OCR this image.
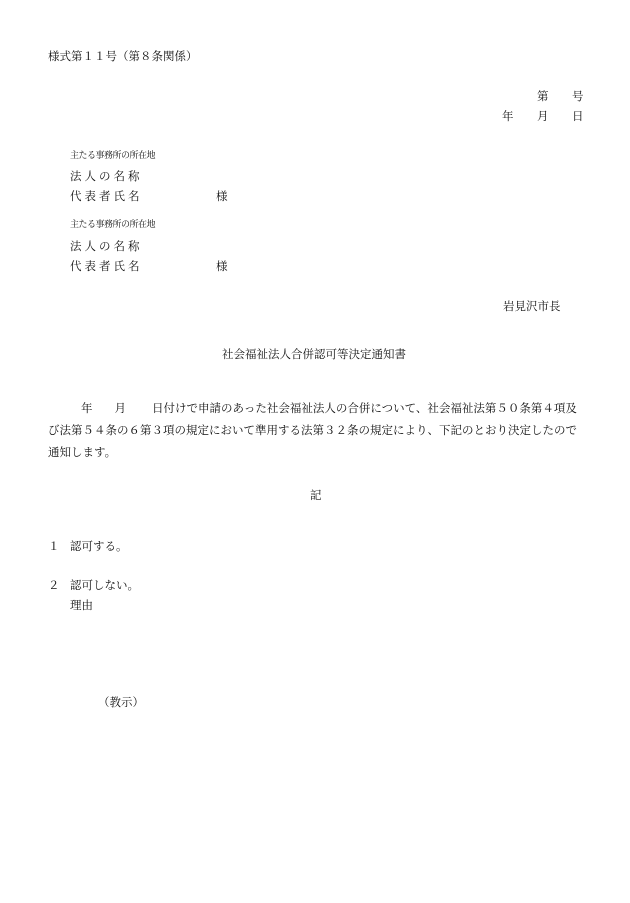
様式第１１号（第８条関係）
第 号
年 月 日
主たる事務所の所在地
法人の名称
代表者氏名	様
主たる事務所の所在地
法人の名称
代表者氏名	様
岩見沢市長
社会福祉法人合併認可等決定通知書
年 月 日付けで申請のあった社会福祉法人の合併について、社会福祉法第５０条第４項及び法第５４条の６第３項の規定において準用する法第３２条の規定により、下記のとおり決定したので通知します。
記
１ 認可する。
２ 認可しない。
理由
（教示）
